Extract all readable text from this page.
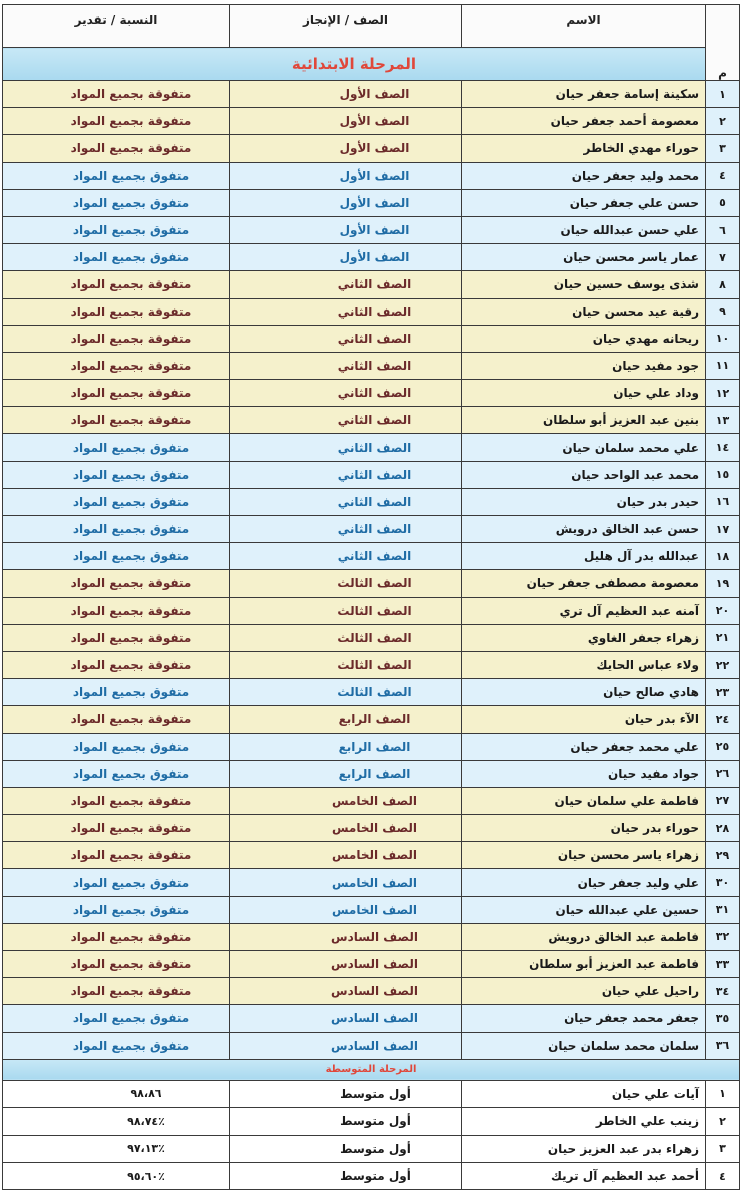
م	الاسم	الصف / الإنجاز	النسبة / تقدير
	المرحلة الابتدائية		
١	سكينة إسامة جعفر حيان	الصف الأول	متفوقة بجميع المواد
٢	معصومة أحمد جعفر حيان	الصف الأول	متفوقة بجميع المواد
٣	حوراء مهدي الخاطر	الصف الأول	متفوقة بجميع المواد
٤	محمد وليد جعفر حيان	الصف الأول	متفوق بجميع المواد
٥	حسن علي جعفر حيان	الصف الأول	متفوق بجميع المواد
٦	علي حسن عبدالله حيان	الصف الأول	متفوق بجميع المواد
٧	عمار ياسر محسن حيان	الصف الأول	متفوق بجميع المواد
٨	شذى يوسف حسين حيان	الصف الثاني	متفوقة بجميع المواد
٩	رقية عيد محسن حيان	الصف الثاني	متفوقة بجميع المواد
١٠	ريحانه مهدي حيان	الصف الثاني	متفوقة بجميع المواد
١١	جود مفيد حيان	الصف الثاني	متفوقة بجميع المواد
١٢	وداد علي حيان	الصف الثاني	متفوقة بجميع المواد
١٣	بنين عبد العزيز أبو سلطان	الصف الثاني	متفوقة بجميع المواد
١٤	علي محمد سلمان حيان	الصف الثاني	متفوق بجميع المواد
١٥	محمد عبد الواحد حيان	الصف الثاني	متفوق بجميع المواد
١٦	حيدر بدر حيان	الصف الثاني	متفوق بجميع المواد
١٧	حسن عبد الخالق درويش	الصف الثاني	متفوق بجميع المواد
١٨	عبدالله بدر آل هليل	الصف الثاني	متفوق بجميع المواد
١٩	معصومة مصطفى جعفر حيان	الصف الثالث	متفوقة بجميع المواد
٢٠	آمنه عبد العظيم آل تري	الصف الثالث	متفوقة بجميع المواد
٢١	زهراء جعفر الغاوي	الصف الثالث	متفوقة بجميع المواد
٢٢	ولاء عباس الحايك	الصف الثالث	متفوقة بجميع المواد
٢٣	هادي صالح حيان	الصف الثالث	متفوق بجميع المواد
٢٤	الآء بدر حيان	الصف الرابع	متفوقة بجميع المواد
٢٥	علي محمد جعفر حيان	الصف الرابع	متفوق بجميع المواد
٢٦	جواد مفيد حيان	الصف الرابع	متفوق بجميع المواد
٢٧	فاطمة علي سلمان حيان	الصف الخامس	متفوقة بجميع المواد
٢٨	حوراء بدر حيان	الصف الخامس	متفوقة بجميع المواد
٢٩	زهراء ياسر محسن حيان	الصف الخامس	متفوقة بجميع المواد
٣٠	علي وليد جعفر حيان	الصف الخامس	متفوق بجميع المواد
٣١	حسين علي عبدالله حيان	الصف الخامس	متفوق بجميع المواد
٣٢	فاطمة عبد الخالق درويش	الصف السادس	متفوقة بجميع المواد
٣٣	فاطمة عبد العزيز أبو سلطان	الصف السادس	متفوقة بجميع المواد
٣٤	راحيل علي حيان	الصف السادس	متفوقة بجميع المواد
٣٥	جعفر محمد جعفر حيان	الصف السادس	متفوق بجميع المواد
٣٦	سلمان محمد سلمان حيان	الصف السادس	متفوق بجميع المواد
المرحلة المتوسطة			
١	آيات علي حيان	أول متوسط	٩٨،٨٦
٢	زينب علي الخاطر	أول متوسط	٩٨،٧٤٪
٣	زهراء بدر عبد العزيز حيان	أول متوسط	٩٧،١٣٪
٤	أحمد عبد العظيم آل تريك	أول متوسط	٩٥،٦٠٪
